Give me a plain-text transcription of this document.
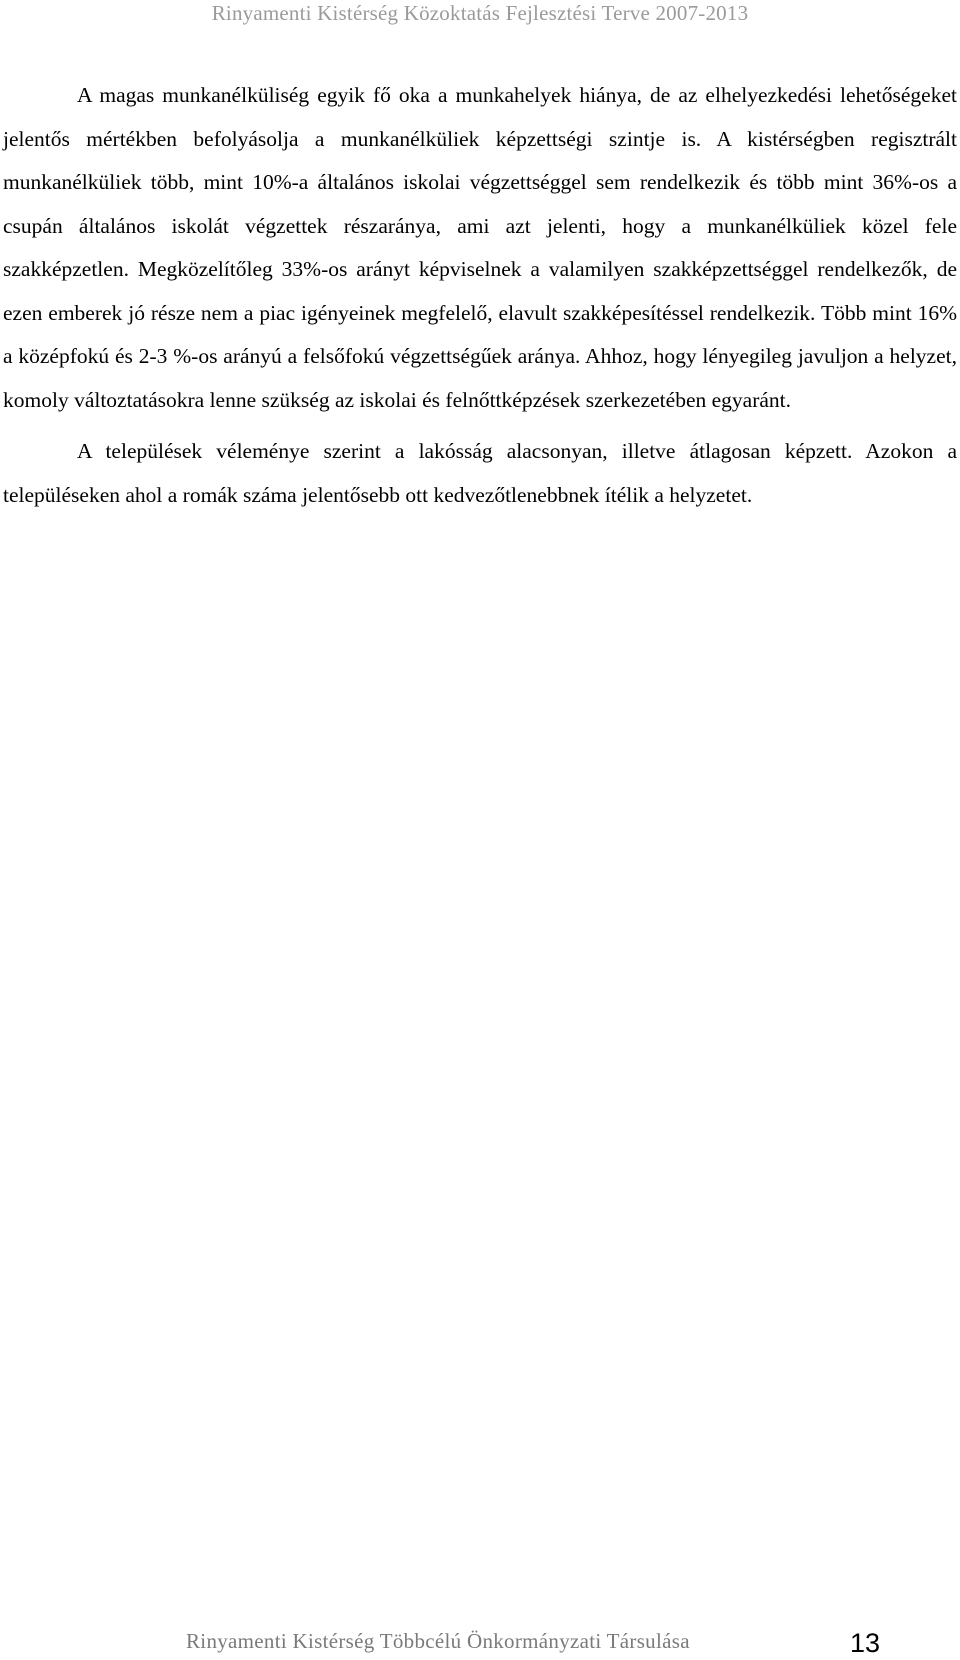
Rinyamenti Kistérség Közoktatás Fejlesztési Terve 2007-2013

A magas munkanélküliség egyik fő oka a munkahelyek hiánya, de az elhelyezkedési lehetőségeket jelentős mértékben befolyásolja a munkanélküliek képzettségi szintje is. A kistérségben regisztrált munkanélküliek több, mint 10%-a általános iskolai végzettséggel sem rendelkezik és több mint 36%-os a csupán általános iskolát végzettek részaránya, ami azt jelenti, hogy a munkanélküliek közel fele szakképzetlen. Megközelítőleg 33%-os arányt képviselnek a valamilyen szakképzettséggel rendelkezők, de ezen emberek jó része nem a piac igényeinek megfelelő, elavult szakképesítéssel rendelkezik. Több mint 16% a középfokú és 2-3 %-os arányú a felsőfokú végzettségűek aránya. Ahhoz, hogy lényegileg javuljon a helyzet, komoly változtatásokra lenne szükség az iskolai és felnőttképzések szerkezetében egyaránt.

A települések véleménye szerint a lakósság alacsonyan, illetve átlagosan képzett. Azokon a településeken ahol a romák száma jelentősebb ott kedvezőtlenebbnek ítélik a helyzetet.

Rinyamenti Kistérség Többcélú Önkormányzati Társulása	13
